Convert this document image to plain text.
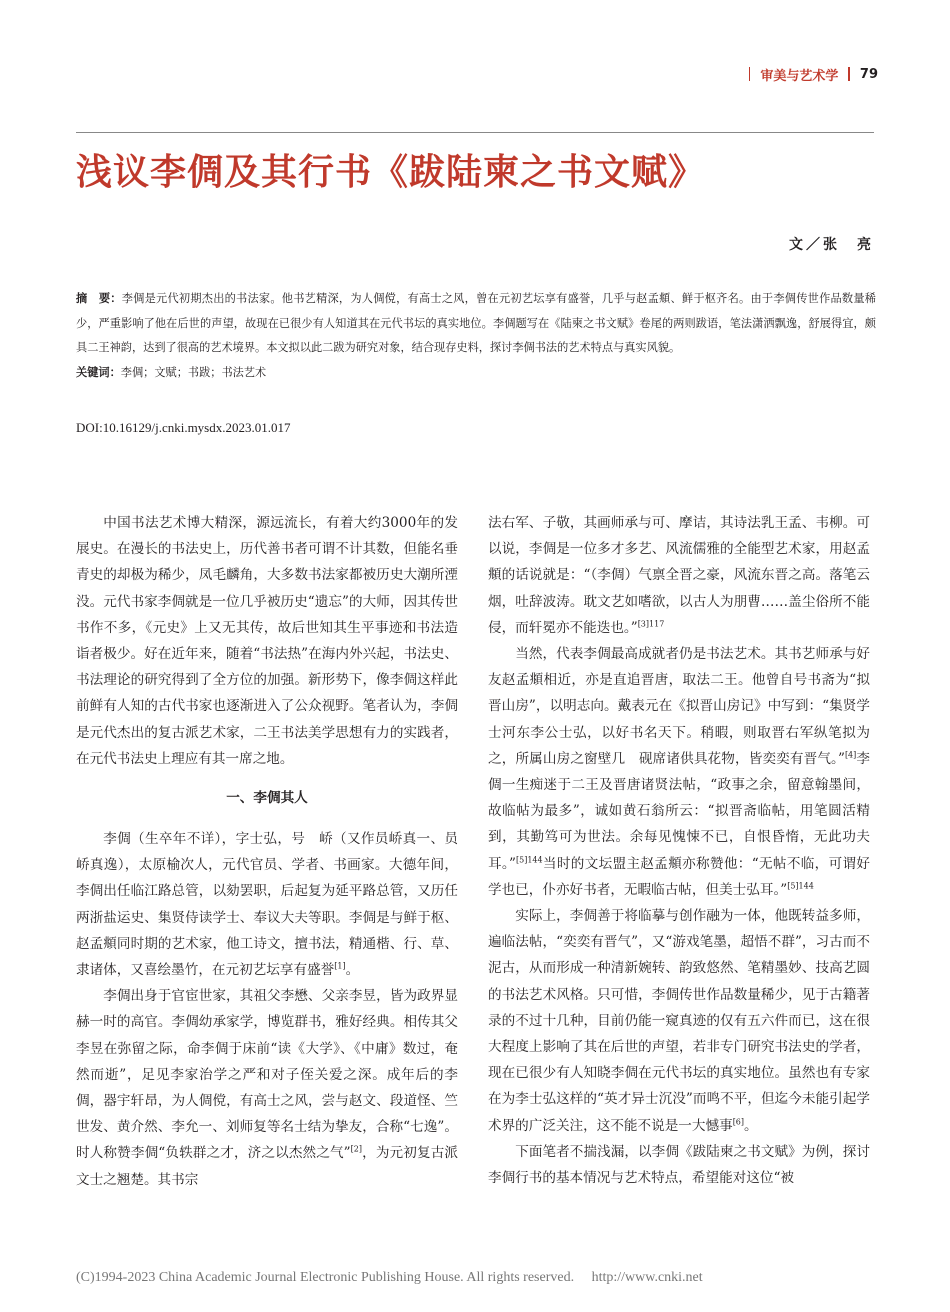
审美与艺术学 79
浅议李倜及其行书《跋陆柬之书文赋》
文／张　亮

摘　要：李倜是元代初期杰出的书法家。他书艺精深，为人倜傥，有高士之风，曾在元初艺坛享有盛誉，几乎与赵孟頫、鲜于枢齐名。由于李倜传世作品数量稀少，严重影响了他在后世的声望，故现在已很少有人知道其在元代书坛的真实地位。李倜题写在《陆柬之书文赋》卷尾的两则跋语，笔法潇洒飘逸，舒展得宜，颇具二王神韵，达到了很高的艺术境界。本文拟以此二跋为研究对象，结合现存史料，探讨李倜书法的艺术特点与真实风貌。

关键词：李倜；文赋；书跋；书法艺术

DOI:10.16129/j.cnki.mysdx.2023.01.017

中国书法艺术博大精深，源远流长，有着大约3000年的发展史。在漫长的书法史上，历代善书者可谓不计其数，但能名垂青史的却极为稀少，凤毛麟角，大多数书法家都被历史大潮所湮没。元代书家李倜就是一位几乎被历史“遗忘”的大师，因其传世书作不多，《元史》上又无其传，故后世知其生平事迹和书法造诣者极少。好在近年来，随着“书法热”在海内外兴起，书法史、书法理论的研究得到了全方位的加强。新形势下，像李倜这样此前鲜有人知的古代书家也逐渐进入了公众视野。笔者认为，李倜是元代杰出的复古派艺术家，二王书法美学思想有力的实践者，在元代书法史上理应有其一席之地。

一、李倜其人

李倜（生卒年不详），字士弘，号　峤（又作员峤真一、员峤真逸），太原榆次人，元代官员、学者、书画家。大德年间，李倜出任临江路总管，以劾罢职，后起复为延平路总管，又历任两浙盐运史、集贤侍读学士、奉议大夫等职。李倜是与鲜于枢、赵孟頫同时期的艺术家，他工诗文，擅书法，精通楷、行、草、隶诸体，又喜绘墨竹，在元初艺坛享有盛誉[1]。

李倜出身于官宦世家，其祖父李懋、父亲李昱，皆为政界显赫一时的高官。李倜幼承家学，博览群书，雅好经典。相传其父李昱在弥留之际，命李倜于床前“读《大学》、《中庸》数过，奄然而逝”，足见李家治学之严和对子侄关爱之深。成年后的李倜，器宇轩昂，为人倜傥，有高士之风，尝与赵文、段道怪、竺世发、黄介然、李允一、刘师复等名士结为挚友，合称“七逸”。时人称赞李倜“负轶群之才，济之以杰然之气”[2]，为元初复古派文士之翘楚。其书宗

法右军、子敬，其画师承与可、摩诘，其诗法乳王孟、韦柳。可以说，李倜是一位多才多艺、风流儒雅的全能型艺术家，用赵孟頫的话说就是：“（李倜）气禀全晋之豪，风流东晋之高。落笔云烟，吐辞波涛。耽文艺如嗜欲，以古人为朋曹……盖尘俗所不能侵，而轩冕亦不能迭也。”$^{[3]117}$

当然，代表李倜最高成就者仍是书法艺术。其书艺师承与好友赵孟頫相近，亦是直追晋唐，取法二王。他曾自号书斋为“拟晋山房”，以明志向。戴表元在《拟晋山房记》中写到：“集贤学士河东李公士弘，以好书名天下。稍暇，则取晋右军纵笔拟为之，所属山房之窗壁几　砚席诸供具花物，皆奕奕有晋气。”[4]李倜一生痴迷于二王及晋唐诸贤法帖，“政事之余，留意翰墨间，故临帖为最多”，诚如黄石翁所云：“拟晋斋临帖，用笔圆活精到，其勤笃可为世法。余每见愧悚不已，自恨昏惰，无此功夫耳。”$^{[5]144}$当时的文坛盟主赵孟頫亦称赞他：“无帖不临，可谓好学也已，仆亦好书者，无暇临古帖，但美士弘耳。”$^{[5]144}$

实际上，李倜善于将临摹与创作融为一体，他既转益多师，遍临法帖，“奕奕有晋气”，又“游戏笔墨，超悟不群”，习古而不泥古，从而形成一种清新婉转、韵致悠然、笔精墨妙、技高艺圆的书法艺术风格。只可惜，李倜传世作品数量稀少，见于古籍著录的不过十几种，目前仍能一窥真迹的仅有五六件而已，这在很大程度上影响了其在后世的声望，若非专门研究书法史的学者，现在已很少有人知晓李倜在元代书坛的真实地位。虽然也有专家在为李士弘这样的“英才异士沉没”而鸣不平，但迄今未能引起学术界的广泛关注，这不能不说是一大憾事[6]。

下面笔者不揣浅漏，以李倜《跋陆柬之书文赋》为例，探讨李倜行书的基本情况与艺术特点，希望能对这位“被

(C)1994-2023 China Academic Journal Electronic Publishing House. All rights reserved.　 http://www.cnki.net
